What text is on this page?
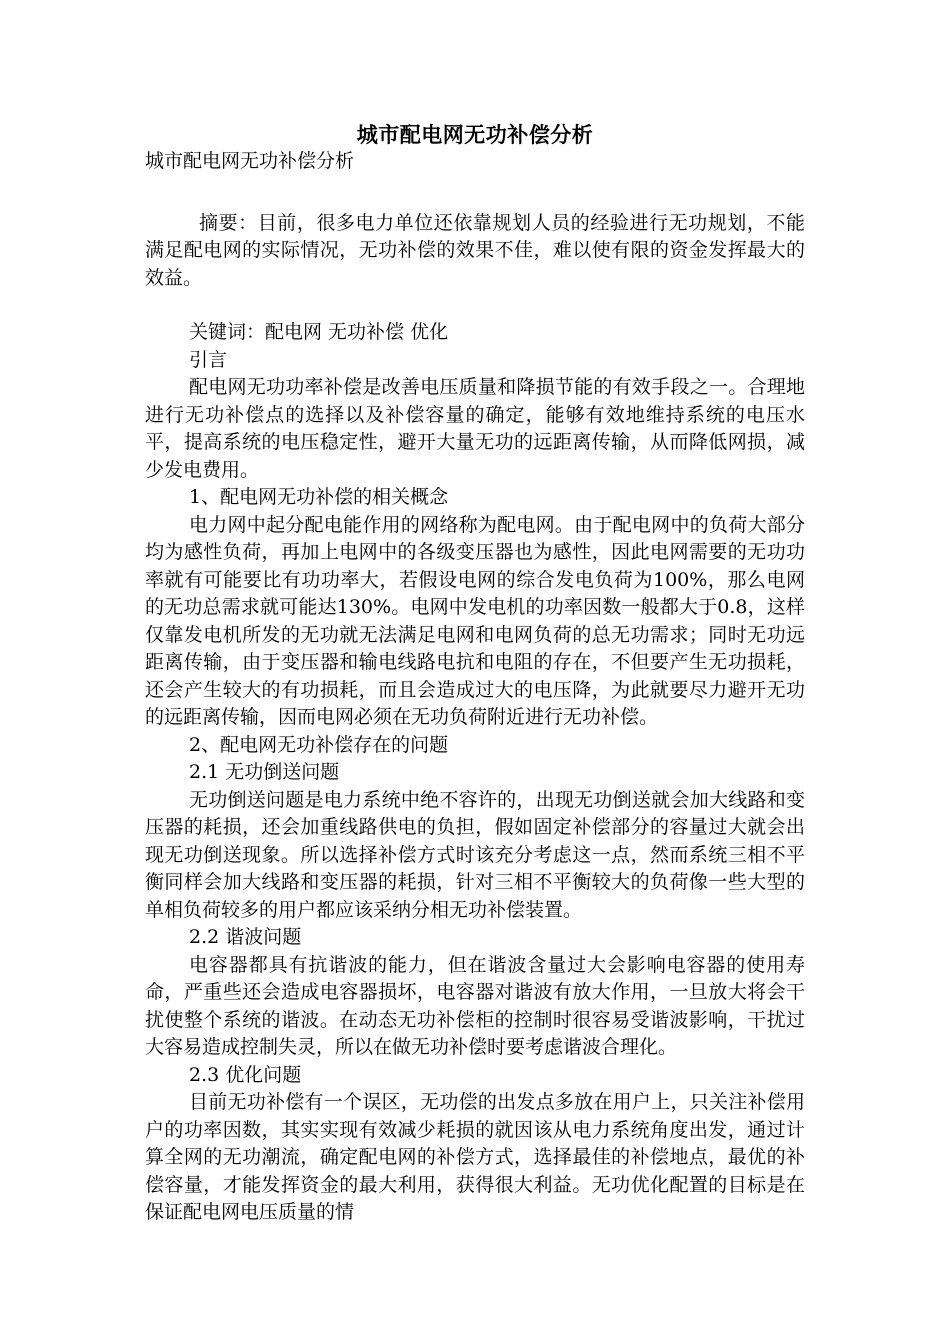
城市配电网无功补偿分析

城市配电网无功补偿分析

摘要：目前，很多电力单位还依靠规划人员的经验进行无功规划，不能满足配电网的实际情况，无功补偿的效果不佳，难以使有限的资金发挥最大的效益。

关键词：配电网 无功补偿 优化

引言

配电网无功功率补偿是改善电压质量和降损节能的有效手段之一。合理地进行无功补偿点的选择以及补偿容量的确定，能够有效地维持系统的电压水平，提高系统的电压稳定性，避开大量无功的远距离传输，从而降低网损，减少发电费用。

1、配电网无功补偿的相关概念

电力网中起分配电能作用的网络称为配电网。由于配电网中的负荷大部分均为感性负荷，再加上电网中的各级变压器也为感性，因此电网需要的无功功率就有可能要比有功功率大，若假设电网的综合发电负荷为100%，那么电网的无功总需求就可能达130%。电网中发电机的功率因数一般都大于0.8，这样仅靠发电机所发的无功就无法满足电网和电网负荷的总无功需求；同时无功远距离传输，由于变压器和输电线路电抗和电阻的存在，不但要产生无功损耗，还会产生较大的有功损耗，而且会造成过大的电压降，为此就要尽力避开无功的远距离传输，因而电网必须在无功负荷附近进行无功补偿。

2、配电网无功补偿存在的问题

2.1 无功倒送问题

无功倒送问题是电力系统中绝不容许的，出现无功倒送就会加大线路和变压器的耗损，还会加重线路供电的负担，假如固定补偿部分的容量过大就会出现无功倒送现象。所以选择补偿方式时该充分考虑这一点，然而系统三相不平衡同样会加大线路和变压器的耗损，针对三相不平衡较大的负荷像一些大型的单相负荷较多的用户都应该采纳分相无功补偿装置。

2.2 谐波问题

电容器都具有抗谐波的能力，但在谐波含量过大会影响电容器的使用寿命，严重些还会造成电容器损坏，电容器对谐波有放大作用，一旦放大将会干扰使整个系统的谐波。在动态无功补偿柜的控制时很容易受谐波影响，干扰过大容易造成控制失灵，所以在做无功补偿时要考虑谐波合理化。

2.3 优化问题

目前无功补偿有一个误区，无功偿的出发点多放在用户上，只关注补偿用户的功率因数，其实实现有效减少耗损的就因该从电力系统角度出发，通过计算全网的无功潮流，确定配电网的补偿方式，选择最佳的补偿地点，最优的补偿容量，才能发挥资金的最大利用，获得很大利益。无功优化配置的目标是在保证配电网电压质量的情
